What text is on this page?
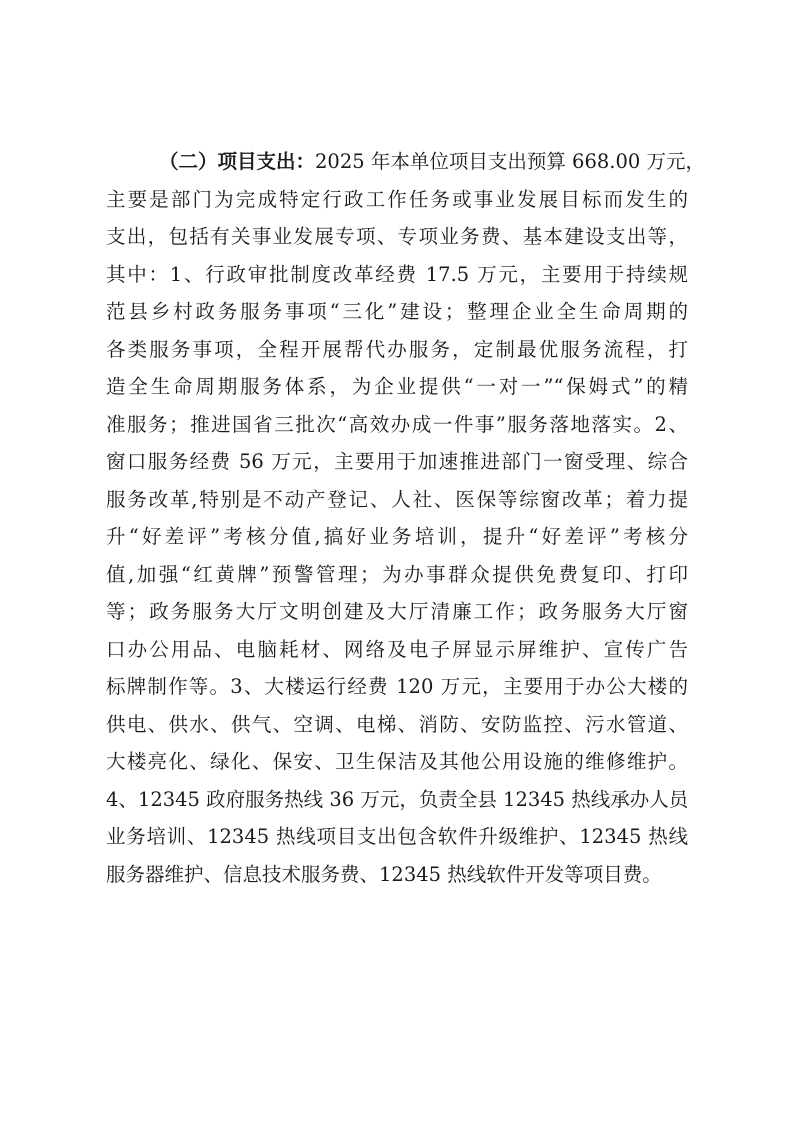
（二）项目支出：2025 年本单位项目支出预算 668.00 万元，
主要是部门为完成特定行政工作任务或事业发展目标而发生的
支出，包括有关事业发展专项、专项业务费、基本建设支出等，
其中：1、行政审批制度改革经费 17.5 万元，主要用于持续规
范县乡村政务服务事项“三化”建设；整理企业全生命周期的
各类服务事项，全程开展帮代办服务，定制最优服务流程，打
造全生命周期服务体系，为企业提供“一对一”“保姆式”的精
准服务；推进国省三批次“高效办成一件事”服务落地落实。2、
窗口服务经费 56 万元，主要用于加速推进部门一窗受理、综合
服务改革,特别是不动产登记、人社、医保等综窗改革；着力提
升“好差评”考核分值,搞好业务培训，提升“好差评”考核分
值,加强“红黄牌”预警管理；为办事群众提供免费复印、打印
等；政务服务大厅文明创建及大厅清廉工作；政务服务大厅窗
口办公用品、电脑耗材、网络及电子屏显示屏维护、宣传广告
标牌制作等。3、大楼运行经费 120 万元，主要用于办公大楼的
供电、供水、供气、空调、电梯、消防、安防监控、污水管道、
大楼亮化、绿化、保安、卫生保洁及其他公用设施的维修维护。
4、12345 政府服务热线 36 万元，负责全县 12345 热线承办人员
业务培训、12345 热线项目支出包含软件升级维护、12345 热线
服务器维护、信息技术服务费、12345 热线软件开发等项目费。
